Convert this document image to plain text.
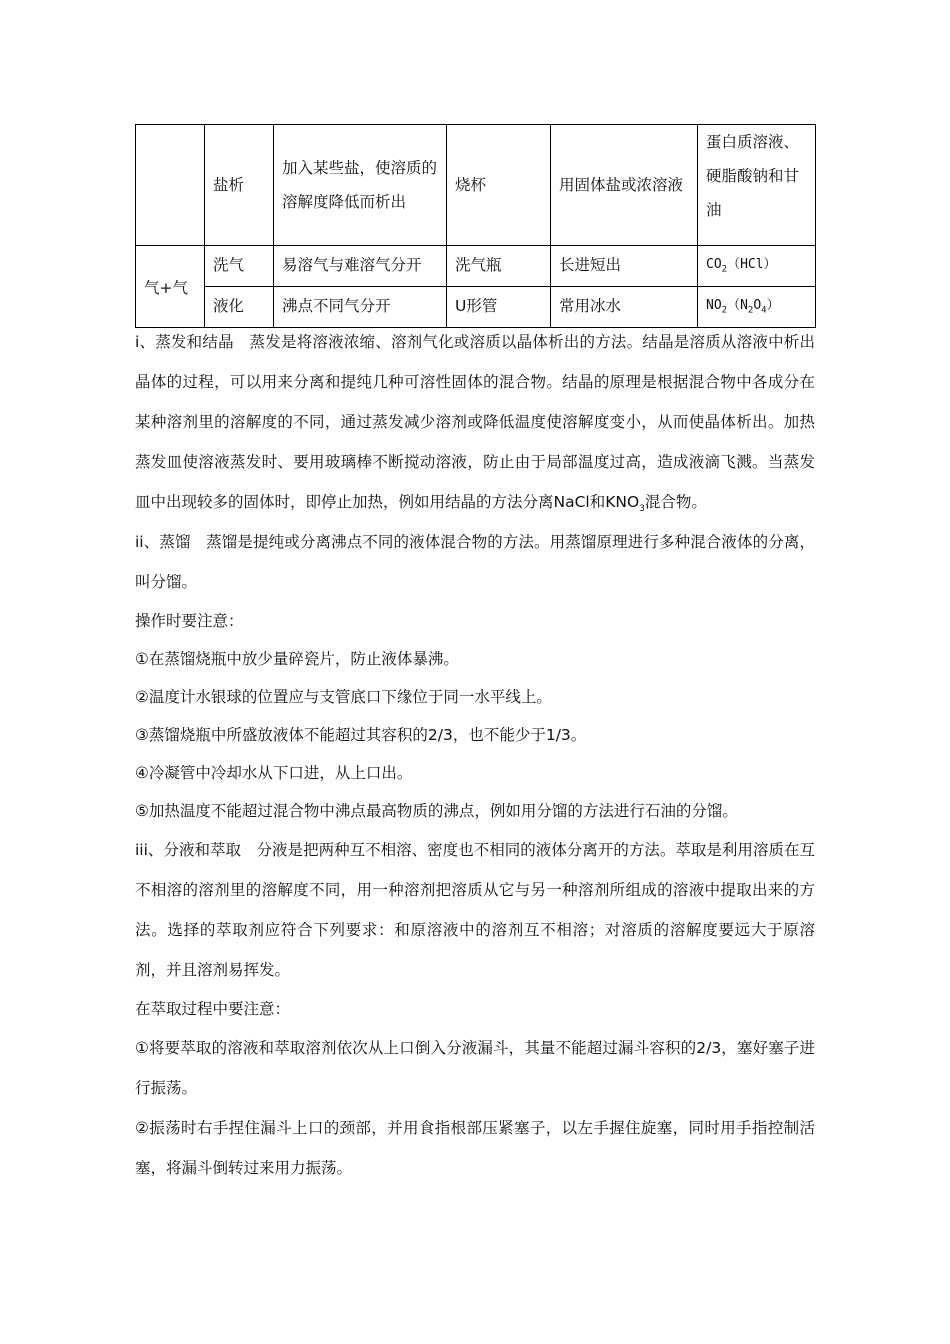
	盐析	加入某些盐，使溶质的溶解度降低而析出	烧杯	用固体盐或浓溶液	蛋白质溶液、硬脂酸钠和甘油
气+气	洗气	易溶气与难溶气分开	洗气瓶	长进短出	$CO_2(HCl)$
	液化	沸点不同气分开	U形管	常用冰水	$NO_2(N_2O_4)$

i、蒸发和结晶　蒸发是将溶液浓缩、溶剂气化或溶质以晶体析出的方法。结晶是溶质从溶液中析出晶体的过程，可以用来分离和提纯几种可溶性固体的混合物。结晶的原理是根据混合物中各成分在某种溶剂里的溶解度的不同，通过蒸发减少溶剂或降低温度使溶解度变小，从而使晶体析出。加热蒸发皿使溶液蒸发时、要用玻璃棒不断搅动溶液，防止由于局部温度过高，造成液滴飞溅。当蒸发皿中出现较多的固体时，即停止加热，例如用结晶的方法分离NaCl和$KNO_3$混合物。

ii、蒸馏　蒸馏是提纯或分离沸点不同的液体混合物的方法。用蒸馏原理进行多种混合液体的分离，叫分馏。

操作时要注意：

①在蒸馏烧瓶中放少量碎瓷片，防止液体暴沸。

②温度计水银球的位置应与支管底口下缘位于同一水平线上。

③蒸馏烧瓶中所盛放液体不能超过其容积的2/3，也不能少于1/3。

④冷凝管中冷却水从下口进，从上口出。

⑤加热温度不能超过混合物中沸点最高物质的沸点，例如用分馏的方法进行石油的分馏。

iii、分液和萃取　分液是把两种互不相溶、密度也不相同的液体分离开的方法。萃取是利用溶质在互不相溶的溶剂里的溶解度不同，用一种溶剂把溶质从它与另一种溶剂所组成的溶液中提取出来的方法。选择的萃取剂应符合下列要求：和原溶液中的溶剂互不相溶；对溶质的溶解度要远大于原溶剂，并且溶剂易挥发。

在萃取过程中要注意：

①将要萃取的溶液和萃取溶剂依次从上口倒入分液漏斗，其量不能超过漏斗容积的2/3，塞好塞子进行振荡。

②振荡时右手捏住漏斗上口的颈部，并用食指根部压紧塞子，以左手握住旋塞，同时用手指控制活塞，将漏斗倒转过来用力振荡。
